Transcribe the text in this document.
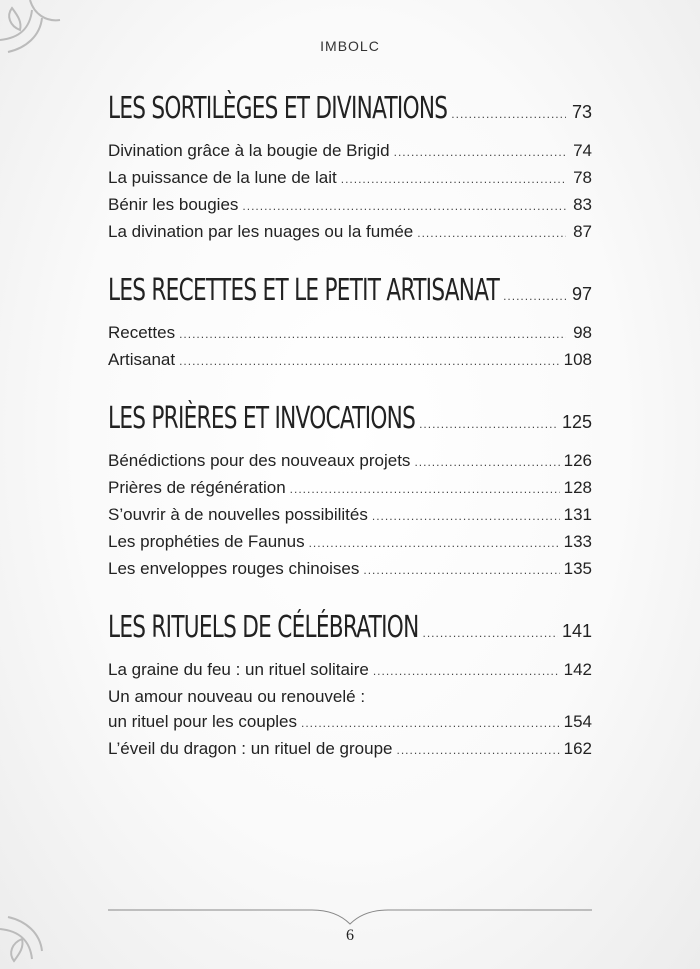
IMBOLC
LES SORTILÈGES ET DIVINATIONS .....	73
Divination grâce à la bougie de Brigid .....	74
La puissance de la lune de lait .....	78
Bénir les bougies .....	83
La divination par les nuages ou la fumée .....	87
LES RECETTES ET LE PETIT ARTISANAT .....	97
Recettes .....	98
Artisanat .....	108
LES PRIÈRES ET INVOCATIONS .....	125
Bénédictions pour des nouveaux projets .....	126
Prières de régénération .....	128
S’ouvrir à de nouvelles possibilités .....	131
Les prophéties de Faunus .....	133
Les enveloppes rouges chinoises .....	135
LES RITUELS DE CÉLÉBRATION .....	141
La graine du feu : un rituel solitaire .....	142
Un amour nouveau ou renouvelé :
un rituel pour les couples .....	154
L’éveil du dragon : un rituel de groupe .....	162
6
